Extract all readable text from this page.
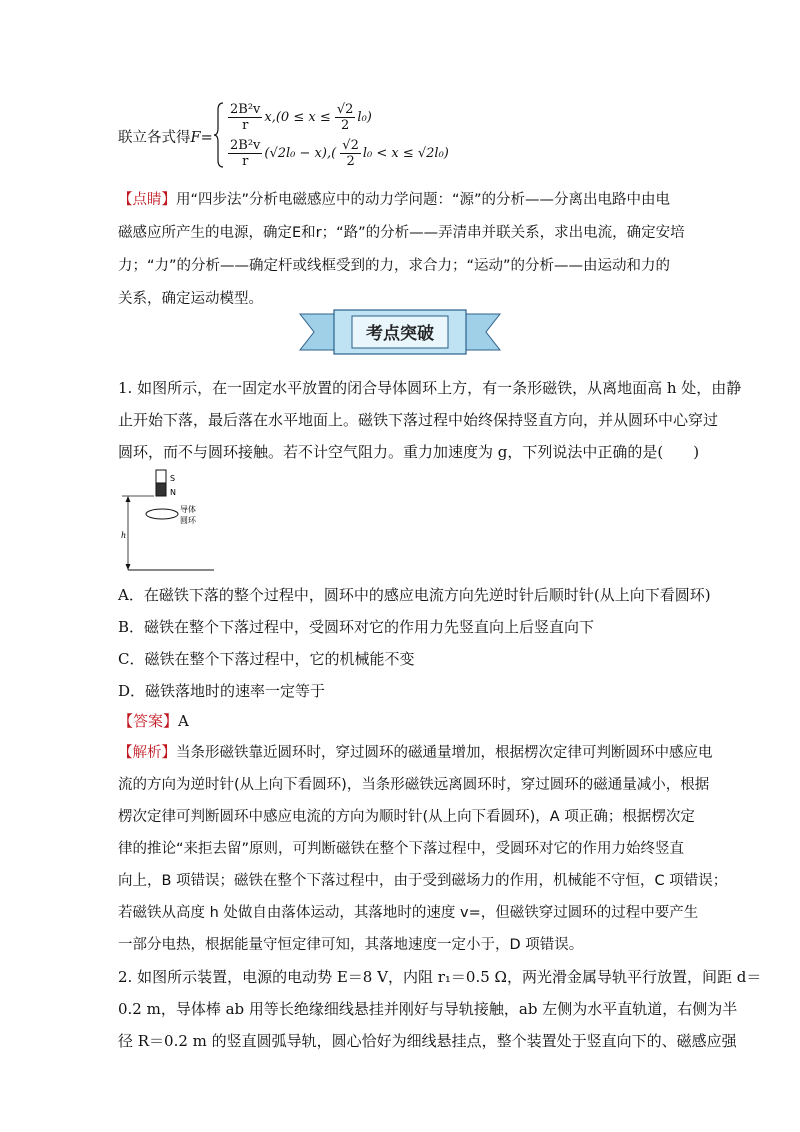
联立各式得F=
$\frac{\text{2B²v}}{r} x,(0 \le x \le \frac{√2}{2} l_0)$
$\frac{\text{2B²v}}{r} (√2l_0 - x),( \frac{√2}{2} l_0 < x \le √2l_0)$
【点睛】用“四步法”分析电磁感应中的动力学问题：“源”的分析——分离出电路中由电
磁感应所产生的电源，确定E和r；“路”的分析——弄清串并联关系，求出电流，确定安培
力；“力”的分析——确定杆或线框受到的力，求合力；“运动”的分析——由运动和力的
关系，确定运动模型。
考点突破
1. 如图所示，在一固定水平放置的闭合导体圆环上方，有一条形磁铁，从离地面高 h 处，由静
止开始下落，最后落在水平地面上。磁铁下落过程中始终保持竖直方向，并从圆环中心穿过
圆环，而不与圆环接触。若不计空气阻力。重力加速度为 g，下列说法中正确的是(　　)
S
N
h
导体
圆环
A．在磁铁下落的整个过程中，圆环中的感应电流方向先逆时针后顺时针(从上向下看圆环)
B．磁铁在整个下落过程中，受圆环对它的作用力先竖直向上后竖直向下
C．磁铁在整个下落过程中，它的机械能不变
D．磁铁落地时的速率一定等于
【答案】A
【解析】当条形磁铁靠近圆环时，穿过圆环的磁通量增加，根据楞次定律可判断圆环中感应电
流的方向为逆时针(从上向下看圆环)，当条形磁铁远离圆环时，穿过圆环的磁通量减小，根据
楞次定律可判断圆环中感应电流的方向为顺时针(从上向下看圆环)，A 项正确；根据楞次定
律的推论“来拒去留”原则，可判断磁铁在整个下落过程中，受圆环对它的作用力始终竖直
向上，B 项错误；磁铁在整个下落过程中，由于受到磁场力的作用，机械能不守恒，C 项错误；
若磁铁从高度 h 处做自由落体运动，其落地时的速度 v=，但磁铁穿过圆环的过程中要产生
一部分电热，根据能量守恒定律可知，其落地速度一定小于，D 项错误。
2. 如图所示装置，电源的电动势 E＝8 V，内阻 r₁＝0.5 Ω，两光滑金属导轨平行放置，间距 d＝
0.2 m，导体棒 ab 用等长绝缘细线悬挂并刚好与导轨接触，ab 左侧为水平直轨道，右侧为半
径 R＝0.2 m 的竖直圆弧导轨，圆心恰好为细线悬挂点，整个装置处于竖直向下的、磁感应强
